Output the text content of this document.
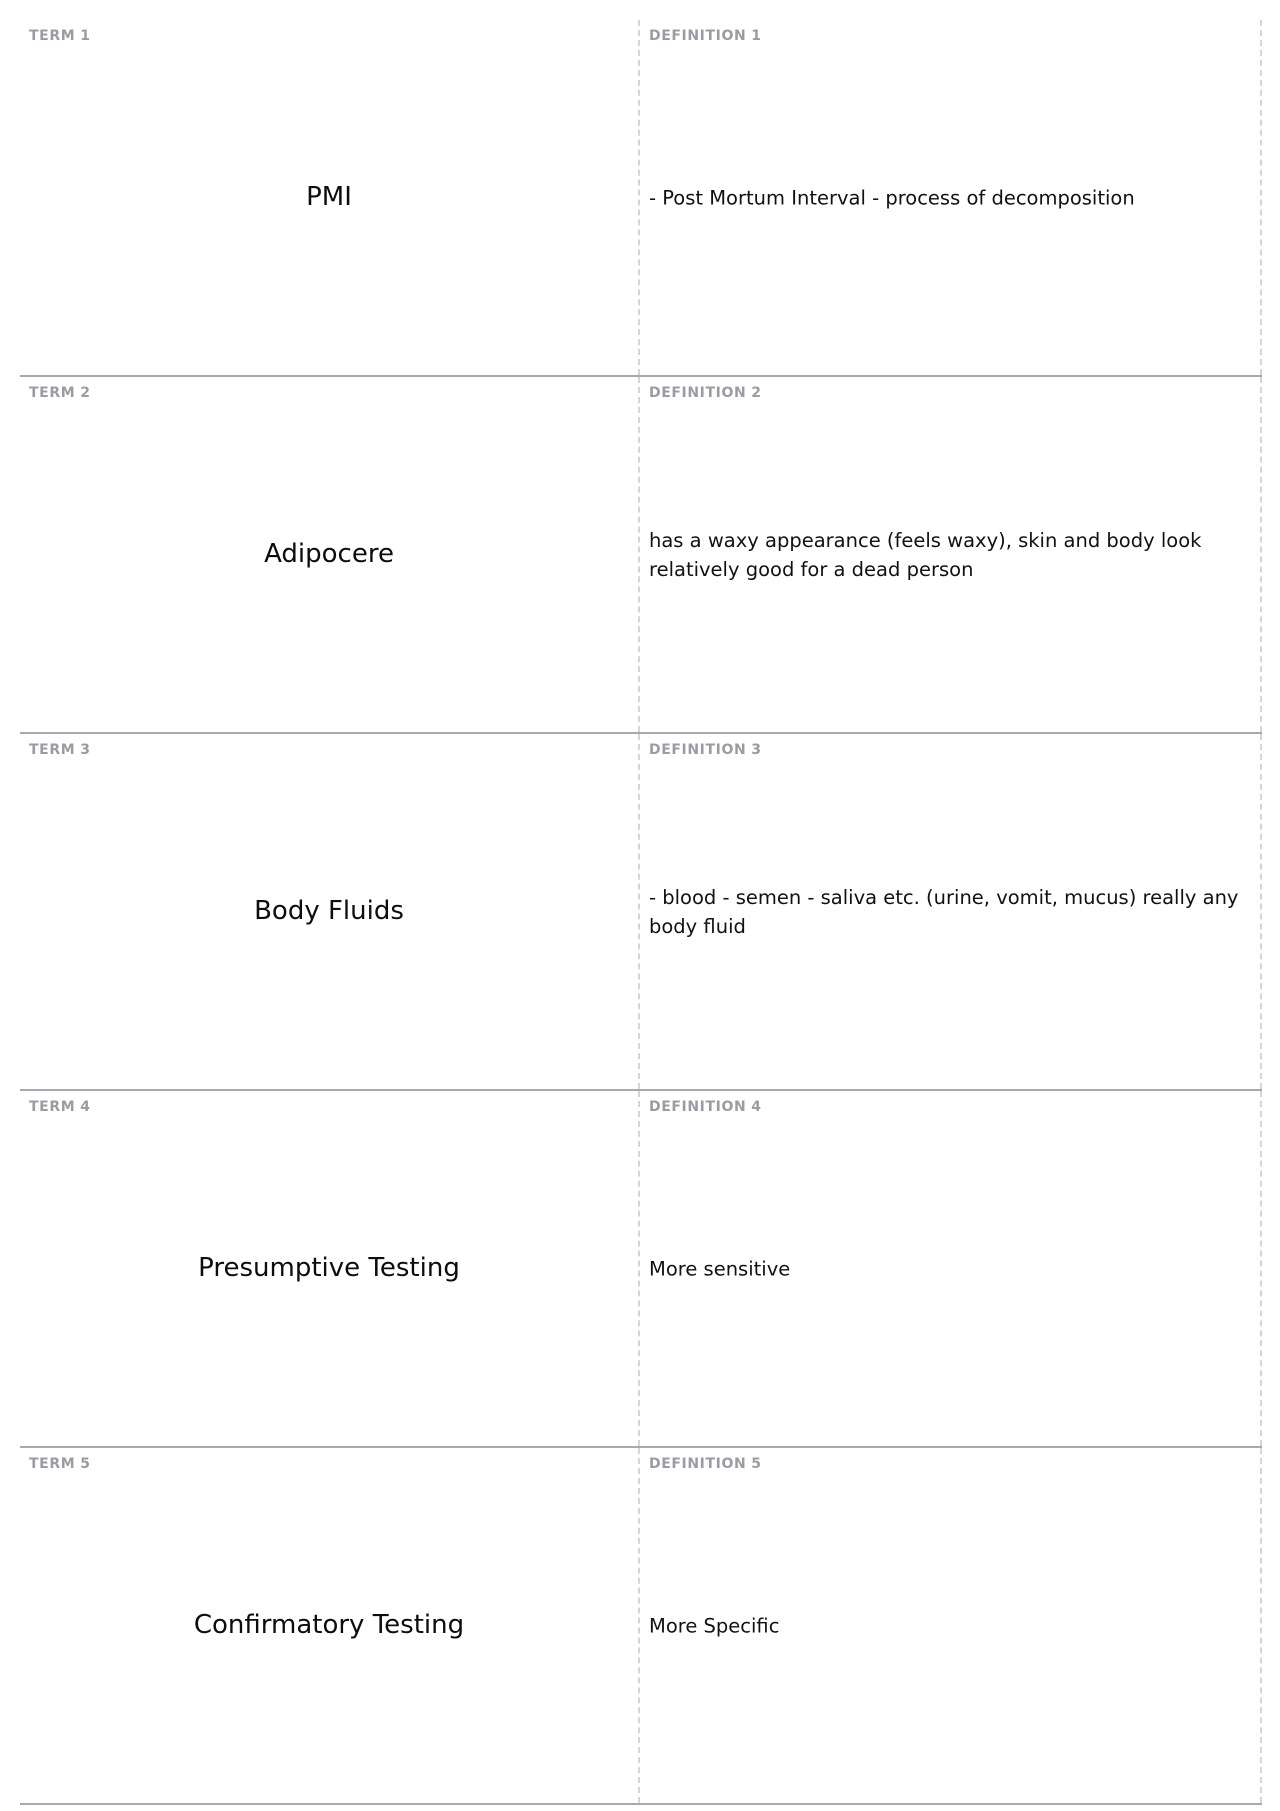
TERM 1
PMI
DEFINITION 1
- Post Mortum Interval - process of decomposition
TERM 2
Adipocere
DEFINITION 2
has a waxy appearance (feels waxy), skin and body look relatively good for a dead person
TERM 3
Body Fluids
DEFINITION 3
- blood - semen - saliva etc. (urine, vomit, mucus) really any body fluid
TERM 4
Presumptive Testing
DEFINITION 4
More sensitive
TERM 5
Confirmatory Testing
DEFINITION 5
More Specific
